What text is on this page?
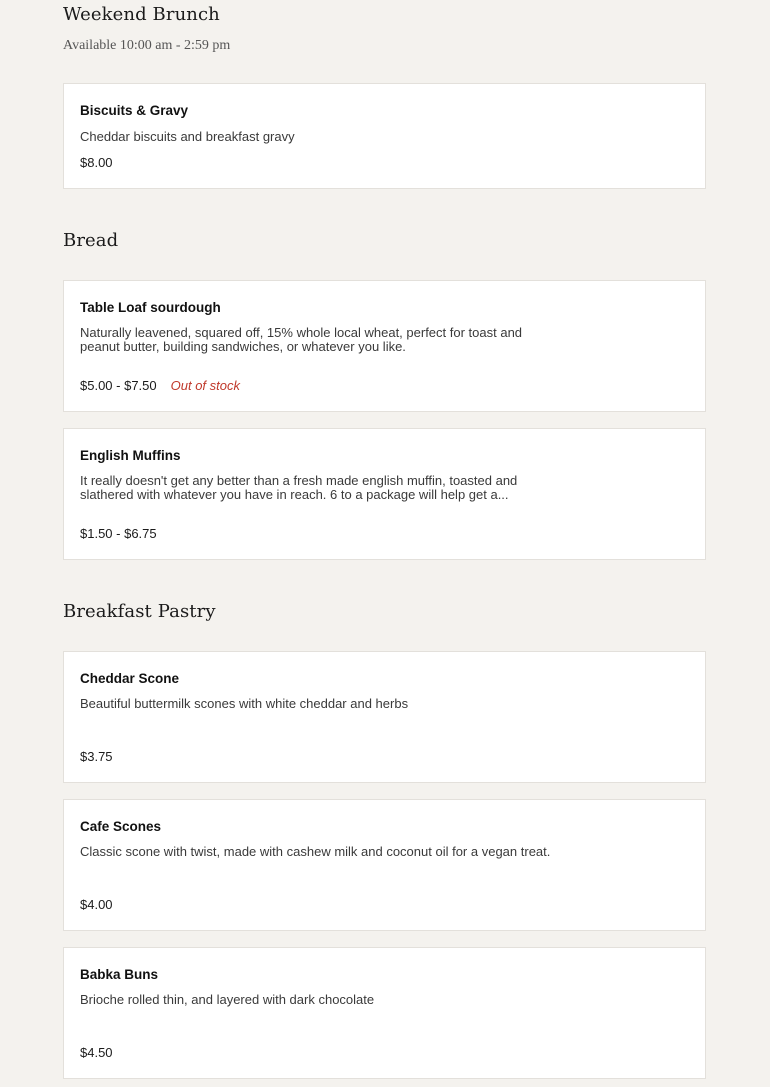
Weekend Brunch

Available 10:00 am - 2:59 pm

Biscuits & Gravy
Cheddar biscuits and breakfast gravy
$8.00
Bread
Table Loaf sourdough
Naturally leavened, squared off, 15% whole local wheat, perfect for toast and peanut butter, building sandwiches, or whatever you like.
$5.00 - $7.50 Out of stock
English Muffins
It really doesn't get any better than a fresh made english muffin, toasted and slathered with whatever you have in reach. 6 to a package will help get a...
$1.50 - $6.75
Breakfast Pastry
Cheddar Scone
Beautiful buttermilk scones with white cheddar and herbs
$3.75
Cafe Scones
Classic scone with twist, made with cashew milk and coconut oil for a vegan treat.
$4.00
Babka Buns
Brioche rolled thin, and layered with dark chocolate
$4.50
